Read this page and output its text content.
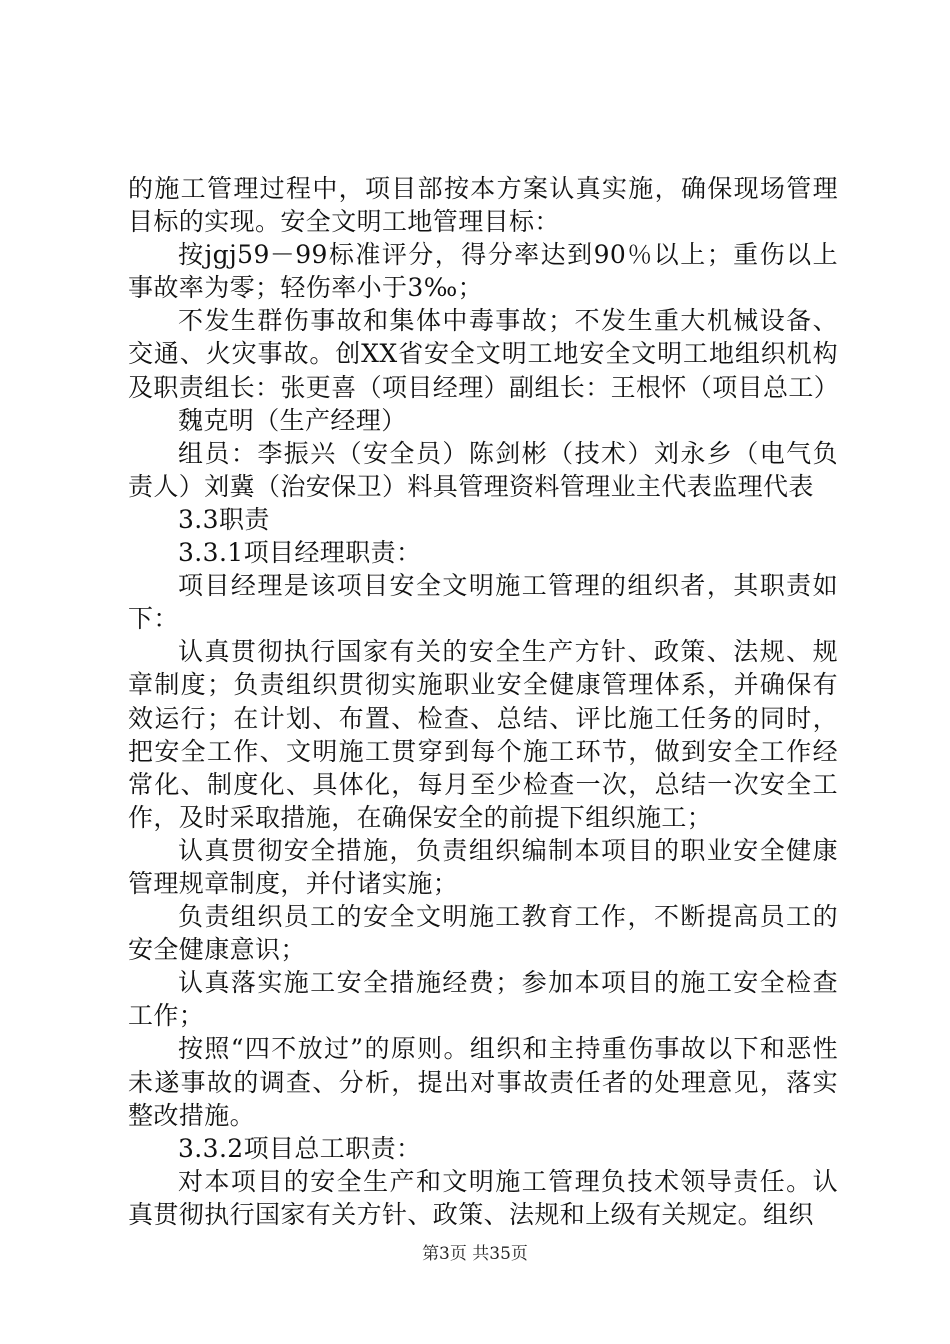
的施工管理过程中，项目部按本方案认真实施，确保现场管理目标的实现。安全文明工地管理目标：

按jgj59－99标准评分，得分率达到90％以上；重伤以上事故率为零；轻伤率小于3‰；

不发生群伤事故和集体中毒事故；不发生重大机械设备、交通、火灾事故。创XX省安全文明工地安全文明工地组织机构及职责组长：张更喜（项目经理）副组长：王根怀（项目总工）

魏克明（生产经理）

组员：李振兴（安全员）陈剑彬（技术）刘永乡（电气负责人）刘冀（治安保卫）料具管理资料管理业主代表监理代表

3.3职责

3.3.1项目经理职责：

项目经理是该项目安全文明施工管理的组织者，其职责如下：

认真贯彻执行国家有关的安全生产方针、政策、法规、规章制度；负责组织贯彻实施职业安全健康管理体系，并确保有效运行；在计划、布置、检查、总结、评比施工任务的同时，把安全工作、文明施工贯穿到每个施工环节，做到安全工作经常化、制度化、具体化，每月至少检查一次，总结一次安全工作，及时采取措施，在确保安全的前提下组织施工；

认真贯彻安全措施，负责组织编制本项目的职业安全健康管理规章制度，并付诸实施；

负责组织员工的安全文明施工教育工作，不断提高员工的安全健康意识；

认真落实施工安全措施经费；参加本项目的施工安全检查工作；

按照“四不放过”的原则。组织和主持重伤事故以下和恶性未遂事故的调查、分析，提出对事故责任者的处理意见，落实整改措施。

3.3.2项目总工职责：

对本项目的安全生产和文明施工管理负技术领导责任。认真贯彻执行国家有关方针、政策、法规和上级有关规定。组织

第3页 共35页
